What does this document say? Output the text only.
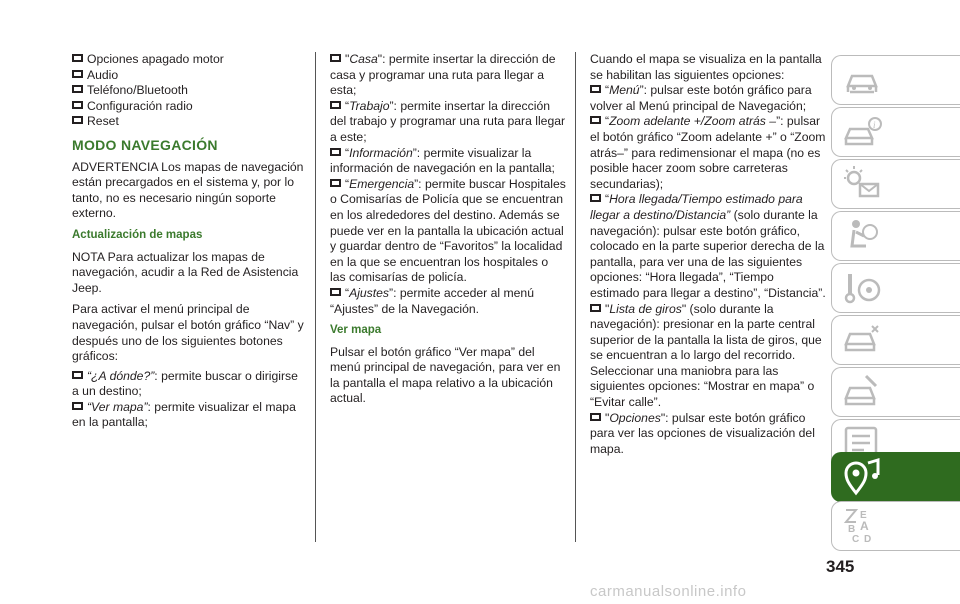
Opciones apagado motor
Audio
Teléfono/Bluetooth
Configuración radio
Reset
MODO NAVEGACIÓN

ADVERTENCIA Los mapas de navegación están precargados en el sistema y, por lo tanto, no es necesario ningún soporte externo.

Actualización de mapas

NOTA Para actualizar los mapas de navegación, acudir a la Red de Asistencia Jeep.

Para activar el menú principal de navegación, pulsar el botón gráfico “Nav” y después uno de los siguientes botones gráficos:

“¿A dónde?”: permite buscar o dirigirse a un destino;
“Ver mapa”: permite visualizar el mapa en la pantalla;
"Casa": permite insertar la dirección de casa y programar una ruta para llegar a esta;
“Trabajo”: permite insertar la dirección del trabajo y programar una ruta para llegar a este;
“Información”: permite visualizar la información de navegación en la pantalla;
“Emergencia”: permite buscar Hospitales o Comisarías de Policía que se encuentran en los alrededores del destino. Además se puede ver en la pantalla la ubicación actual y guardar dentro de “Favoritos” la localidad en la que se encuentran los hospitales o las comisarías de policía.
“Ajustes”: permite acceder al menú “Ajustes” de la Navegación.
Ver mapa

Pulsar el botón gráfico “Ver mapa” del menú principal de navegación, para ver en la pantalla el mapa relativo a la ubicación actual.

Cuando el mapa se visualiza en la pantalla se habilitan las siguientes opciones:

“Menú”: pulsar este botón gráfico para volver al Menú principal de Navegación;
“Zoom adelante +/Zoom atrás –”: pulsar el botón gráfico “Zoom adelante +” o “Zoom atrás–” para redimensionar el mapa (no es posible hacer zoom sobre carreteras secundarias);
“Hora llegada/Tiempo estimado para llegar a destino/Distancia” (solo durante la navegación): pulsar este botón gráfico, colocado en la parte superior derecha de la pantalla, para ver una de las siguientes opciones: “Hora llegada”, “Tiempo estimado para llegar a destino”, “Distancia”.
"Lista de giros" (solo durante la navegación): presionar en la parte central superior de la pantalla la lista de giros, que se encuentran a lo largo del recorrido. Seleccionar una maniobra para las siguientes opciones: “Mostrar en mapa” o “Evitar calle”.
"Opciones": pulsar este botón gráfico para ver las opciones de visualización del mapa.
i
E
B A
C D
345
carmanualsonline.info
